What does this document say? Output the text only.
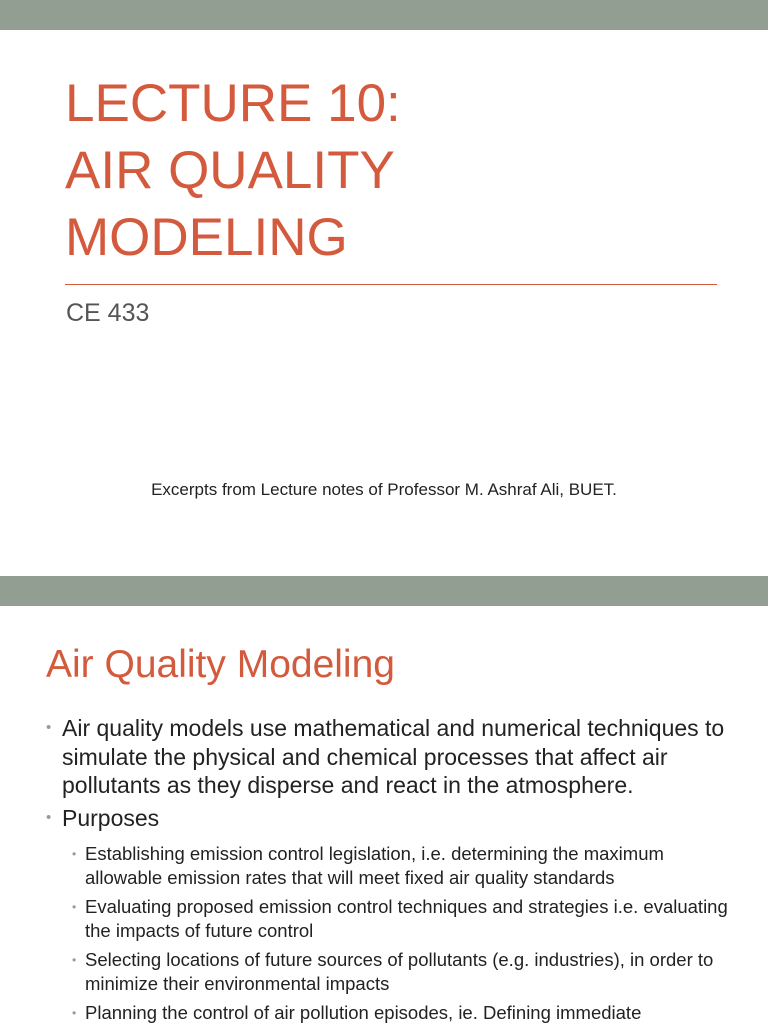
LECTURE 10:
AIR QUALITY
MODELING
CE 433
Excerpts from Lecture notes of Professor M. Ashraf Ali, BUET.
Air Quality Modeling
• Air quality models use mathematical and numerical techniques to simulate the physical and chemical processes that affect air pollutants as they disperse and react in the atmosphere.
• Purposes
• Establishing emission control legislation, i.e. determining the maximum allowable emission rates that will meet fixed air quality standards
• Evaluating proposed emission control techniques and strategies i.e. evaluating the impacts of future control
• Selecting locations of future sources of pollutants (e.g. industries), in order to minimize their environmental impacts
• Planning the control of air pollution episodes, ie. Defining immediate
